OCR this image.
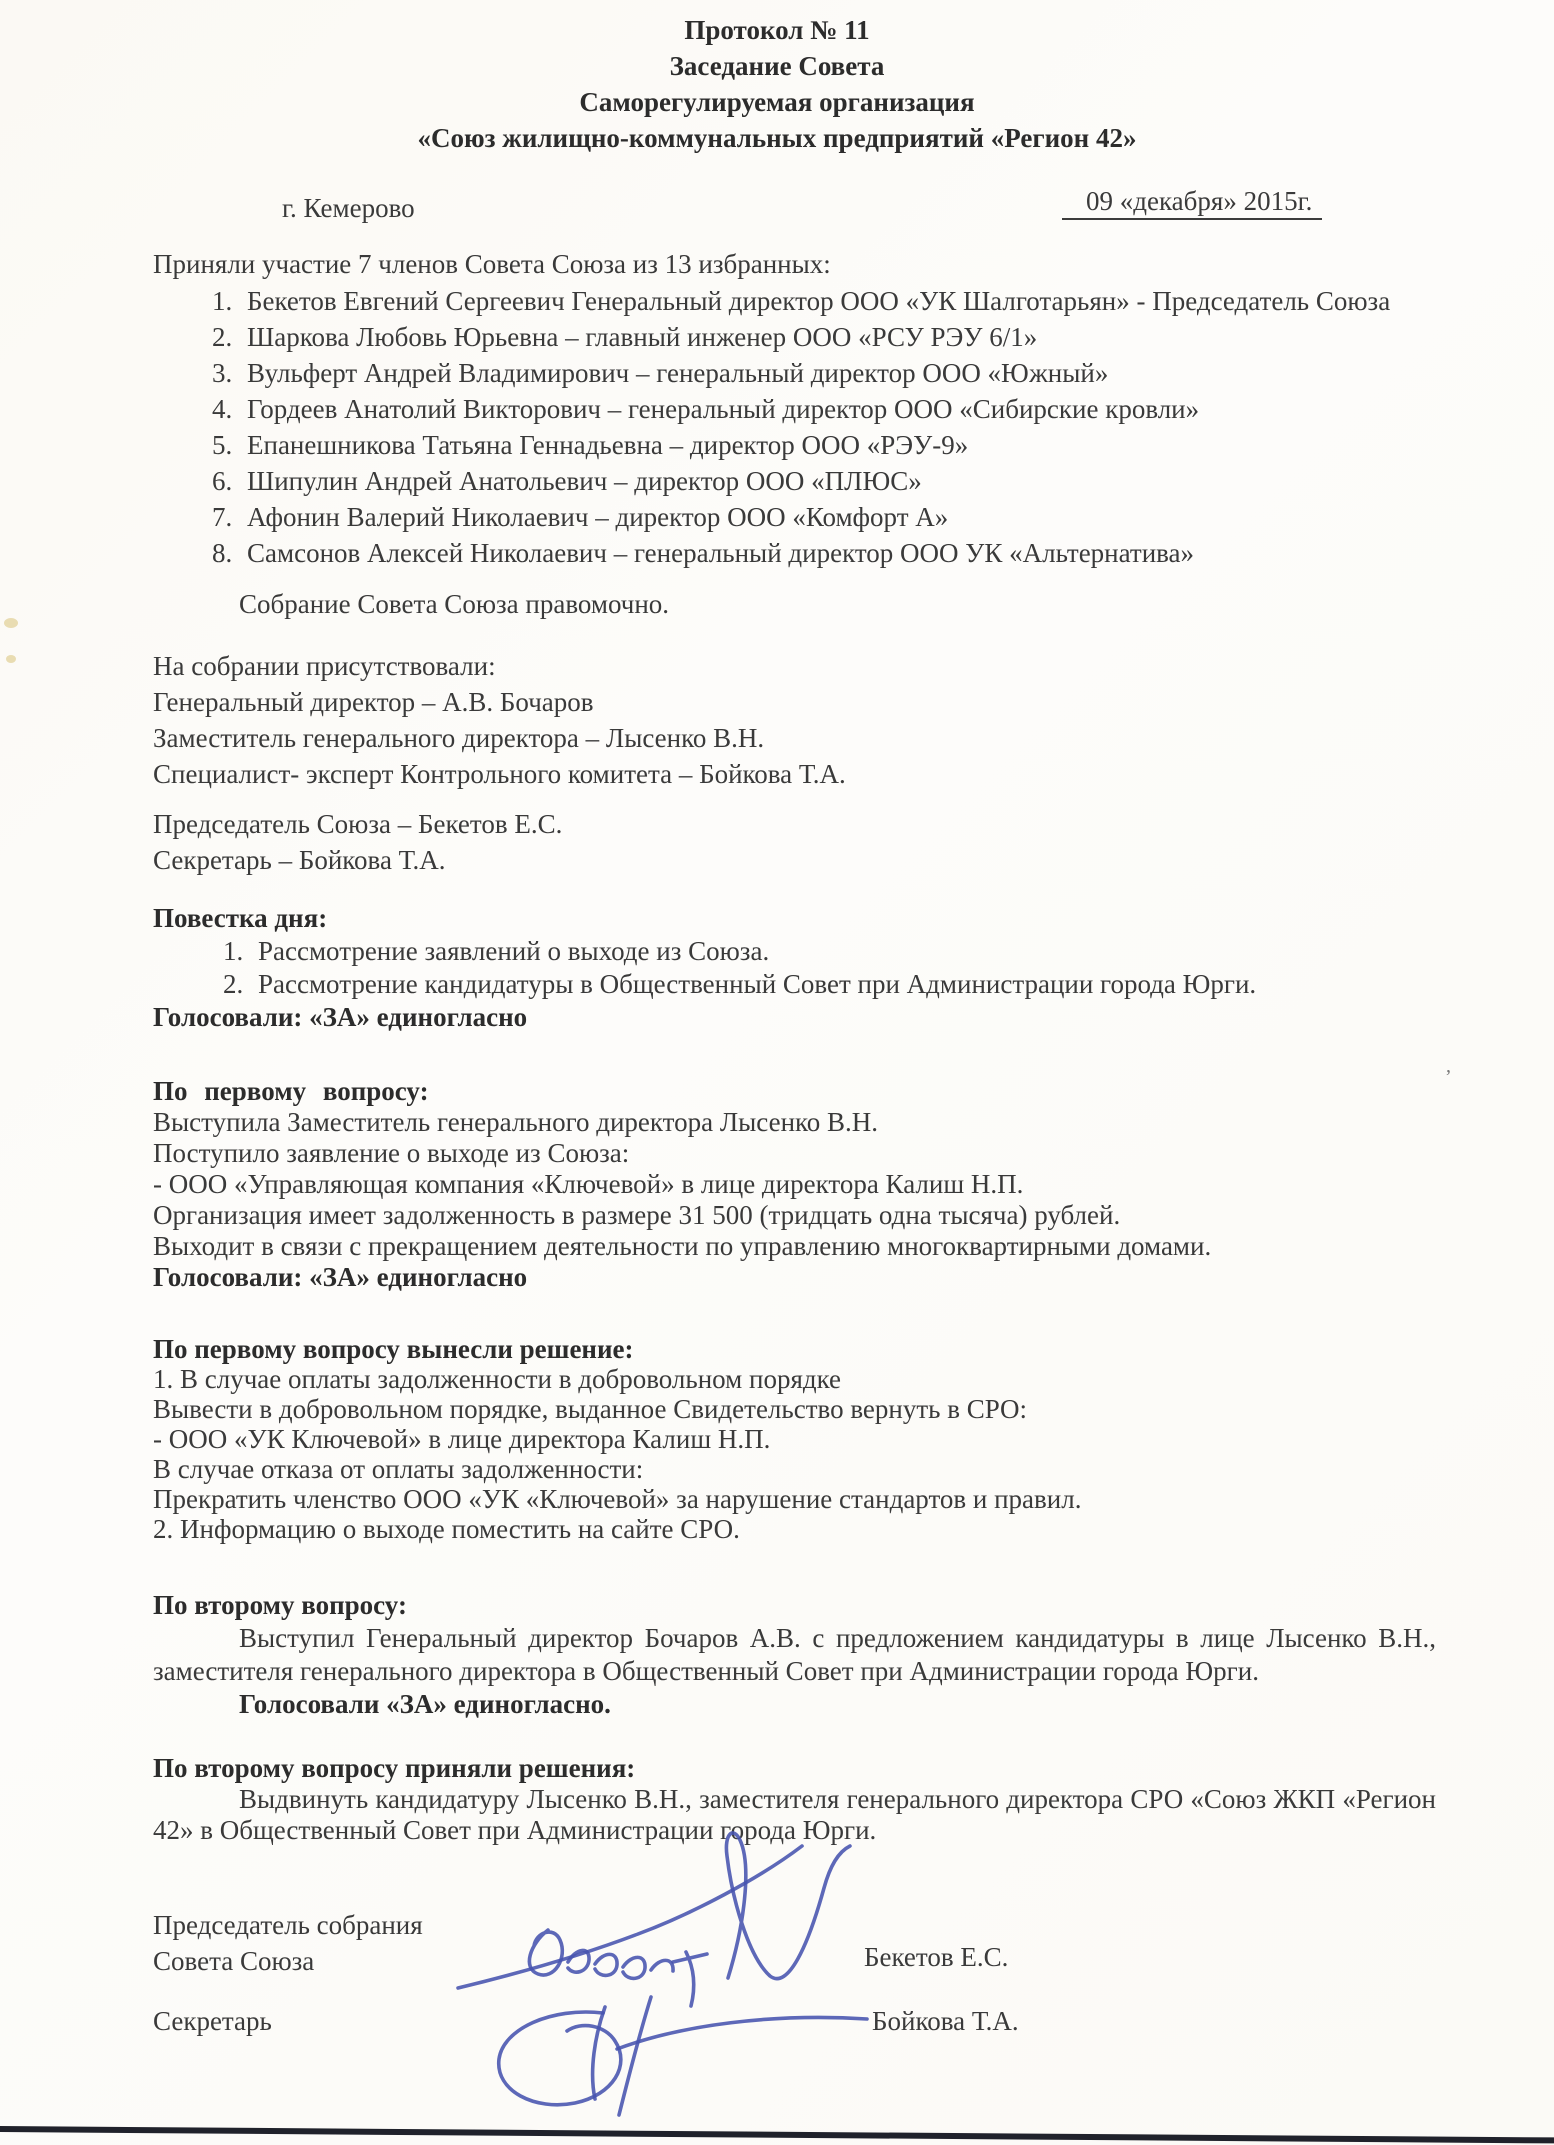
Протокол № 11
Заседание Совета
Саморегулируемая организация
«Союз жилищно-коммунальных предприятий «Регион 42»
г. Кемерово	09 «декабря» 2015г.
Приняли участие 7 членов Совета Союза из 13 избранных:
1. Бекетов Евгений Сергеевич Генеральный директор ООО «УК Шалготарьян» - Председатель Союза
2. Шаркова Любовь Юрьевна – главный инженер ООО «РСУ РЭУ 6/1»
3. Вульферт Андрей Владимирович – генеральный директор ООО «Южный»
4. Гордеев Анатолий Викторович – генеральный директор ООО «Сибирские кровли»
5. Епанешникова Татьяна Геннадьевна – директор ООО «РЭУ-9»
6. Шипулин Андрей Анатольевич – директор ООО «ПЛЮС»
7. Афонин Валерий Николаевич – директор ООО «Комфорт А»
8. Самсонов Алексей Николаевич – генеральный директор ООО УК «Альтернатива»
Собрание Совета Союза правомочно.
На собрании присутствовали:
Генеральный директор – А.В. Бочаров
Заместитель генерального директора – Лысенко В.Н.
Специалист- эксперт Контрольного комитета – Бойкова Т.А.
Председатель Союза – Бекетов Е.С.
Секретарь – Бойкова Т.А.
Повестка дня:
1. Рассмотрение заявлений о выходе из Союза.
2. Рассмотрение кандидатуры в Общественный Совет при Администрации города Юрги.
Голосовали: «ЗА» единогласно
По первому вопросу:
Выступила Заместитель генерального директора Лысенко В.Н.
Поступило заявление о выходе из Союза:
- ООО «Управляющая компания «Ключевой» в лице директора Калиш Н.П.
Организация имеет задолженность в размере 31 500 (тридцать одна тысяча) рублей.
Выходит в связи с прекращением деятельности по управлению многоквартирными домами.
Голосовали: «ЗА» единогласно
По первому вопросу вынесли решение:
1. В случае оплаты задолженности в добровольном порядке
Вывести в добровольном порядке, выданное Свидетельство вернуть в СРО:
- ООО «УК Ключевой» в лице директора Калиш Н.П.
В случае отказа от оплаты задолженности:
Прекратить членство ООО «УК «Ключевой» за нарушение стандартов и правил.
2. Информацию о выходе поместить на сайте СРО.
По второму вопросу:
Выступил Генеральный директор Бочаров А.В. с предложением кандидатуры в лице Лысенко В.Н., заместителя генерального директора в Общественный Совет при Администрации города Юрги.
Голосовали «ЗА» единогласно.
По второму вопросу приняли решения:
Выдвинуть кандидатуру Лысенко В.Н., заместителя генерального директора СРО «Союз ЖКП «Регион 42» в Общественный Совет при Администрации города Юрги.
Председатель собрания
Совета Союза	Бекетов Е.С.
Секретарь	Бойкова Т.А.
’
